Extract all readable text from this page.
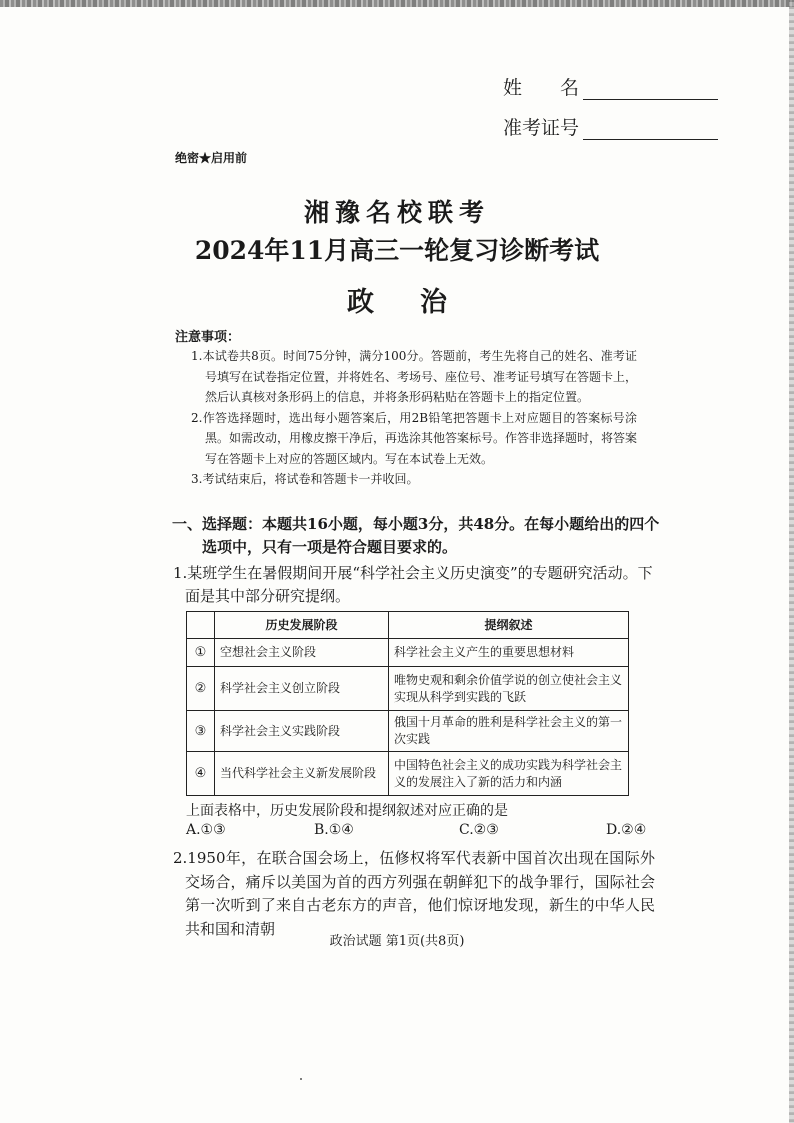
姓　　名
准考证号
绝密★启用前
湘豫名校联考
2024年11月高三一轮复习诊断考试
政治
注意事项：

1.本试卷共8页。时间75分钟，满分100分。答题前，考生先将自己的姓名、准考证号填写在试卷指定位置，并将姓名、考场号、座位号、准考证号填写在答题卡上，然后认真核对条形码上的信息，并将条形码粘贴在答题卡上的指定位置。

2.作答选择题时，选出每小题答案后，用2B铅笔把答题卡上对应题目的答案标号涂黑。如需改动，用橡皮擦干净后，再选涂其他答案标号。作答非选择题时，将答案写在答题卡上对应的答题区域内。写在本试卷上无效。

3.考试结束后，将试卷和答题卡一并收回。

一、选择题：本题共16小题，每小题3分，共48分。在每小题给出的四个选项中，只有一项是符合题目要求的。
1.某班学生在暑假期间开展“科学社会主义历史演变”的专题研究活动。下面是其中部分研究提纲。
	历史发展阶段	提纲叙述
①	空想社会主义阶段	科学社会主义产生的重要思想材料
②	科学社会主义创立阶段	唯物史观和剩余价值学说的创立使社会主义实现从科学到实践的飞跃
③	科学社会主义实践阶段	俄国十月革命的胜利是科学社会主义的第一次实践
④	当代科学社会主义新发展阶段	中国特色社会主义的成功实践为科学社会主义的发展注入了新的活力和内涵
上面表格中，历史发展阶段和提纲叙述对应正确的是
A.①③	B.①④	C.②③	D.②④
2.1950年，在联合国会场上，伍修权将军代表新中国首次出现在国际外交场合，痛斥以美国为首的西方列强在朝鲜犯下的战争罪行，国际社会第一次听到了来自古老东方的声音，他们惊讶地发现，新生的中华人民共和国和清朝
政治试题 第1页(共8页)
